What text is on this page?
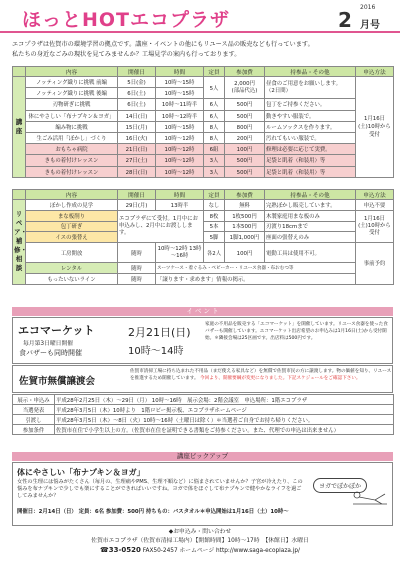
ほっとHOTエコプラザ	2
2016
月号
エコプラザは佐賀市の環境学習の拠点です。講座・イベントの他にもリユース品の販売なども行っています。
私たちの身近なごみの現状を見てみませんか？工場見学の案内も行っております。
	内容	開催日	時間	定員	参加費	持参品・その他	申込方法
講座	ノッティング織りに挑戦 前編	5日(金)	10時～15時	5人	2,000円
(部品代込)	昼食のご用意をお願いします。
（2日間）	1月16日(土)10時から受付
	ノッティング織りに挑戦 後編	6日(土)	10時～15時				
	刃物研ぎに挑戦	6日(土)	10時～11時半	6人	500円	包丁をご持参ください。	
	体にやさしい「布ナプキン＆ヨガ」	14日(日)	10時～12時半	6人	500円	動きやすい服装で。	
	編み物に挑戦	15日(月)	10時～15時	8人	800円	ルームソックスを作ります。	
	生ごみ活用「ぼかし」づくり	16日(火)	10時～12時	8人	200円	汚れてもいい服装で。	
	おもちゃ病院	21日(日)	10時～12時	6組	100円	修理は必要に応じて実費。	
	きもの着付けレッスン	27日(土)	10時～12時	3人	500円	足袋と肌着（和装用）等	
	きもの着付けレッスン	28日(日)	10時～12時	3人	500円	足袋と肌着（和装用）等	
	内容	開催日	時間	定員	参加費	持参品・その他	申込方法
リペア・補修・相談	ぼかし作成の見学	29日(月)	13時半	なし	無料	完熟ぼかし販売しています。	申込不要
	まな板削り	エコプラザにて受付。1月中にお申込みし、2月中にお渡しします。		8枚	1枚500円	木製家庭用まな板のみ	1月16日(土)10時から受付
	包丁研ぎ			5本	1本500円	刃渡り18cmまで	
	イスの張替え			5脚	1脚1,000円	座面の張替えのみ	
	工房開放	随時	10時～12時 13時～16時	各2人	100円	電動工具は使用不可。	事前予約
	レンタル	随時	スーツケース・着ぐるみ・ベビーカー・リユース食器・布おむつ等				
	もったいないライン	随時	「譲ります・求めます」情報の掲示。				
イ ベ ン ト
エコマーケット
毎月第3日曜日開催
食バザーも同時開催
2月21日(日)
10時～14時
家庭の不用品を販売する「エコマーケット」を開催しています。リユース食器を使った食バザーも開催しています。エコマーケット出店希望のお申込みは1月16日(土)から受付開始。＊隣接会場は25区画です。出店料は500円です。
佐賀市無償譲渡会
佐賀市清掃工場に持ち込まれた不用品（まだ使える家具など）を無償で佐賀市民の方に譲渡します。物の価値を知り、リユースを推進するため開催しています。 今回より、開催要綱が変更になりました。下記スケジュールをご確認下さい。
展示・申込み	平成28年2月25日（木）～29日（月） 10時～16時　展示会場：2階会議室　申込場所：1階エコプラザ
当選発表	平成28年3月5日（木）10時より　1階ロビー掲示板、エコプラザホームページ
引渡し	平成28年3月5日（木）～8日（火）10時～16時（土曜日は除く）＊当選者ご自身でお持ち帰りください。
参加条件	佐賀市在住で小学生以上の方。（佐賀市在住を証明できる書類をご持参ください。また、代理での申込は出来ません）
講座ピックアップ
体にやさしい「布ナプキン＆ヨガ」
女性の生理には悩みがたくさん（毎月の、生理痛やPMS、生理不順など）に悩まされていませんか？子宮が冷えたり、この悩みを布ナプキンで少しでも楽にすることができればいいですね。ヨガで体をほぐして布ナプキンで健やかなライフを過ごしてみませんか？
ヨガでぽかぽか
開催日：2月14日（日） 定員：6名 参加費：500円 持ちもの：バスタオル＊申込開始は1月16日（土）10時～
◆お申込み・問い合わせ
佐賀市エコプラザ（佐賀市清掃工場内）【開館時間】10時～17時　【休館日】水曜日
☎33-0520 FAX50-2457 ホームページ http://www.saga-ecoplaza.jp/
